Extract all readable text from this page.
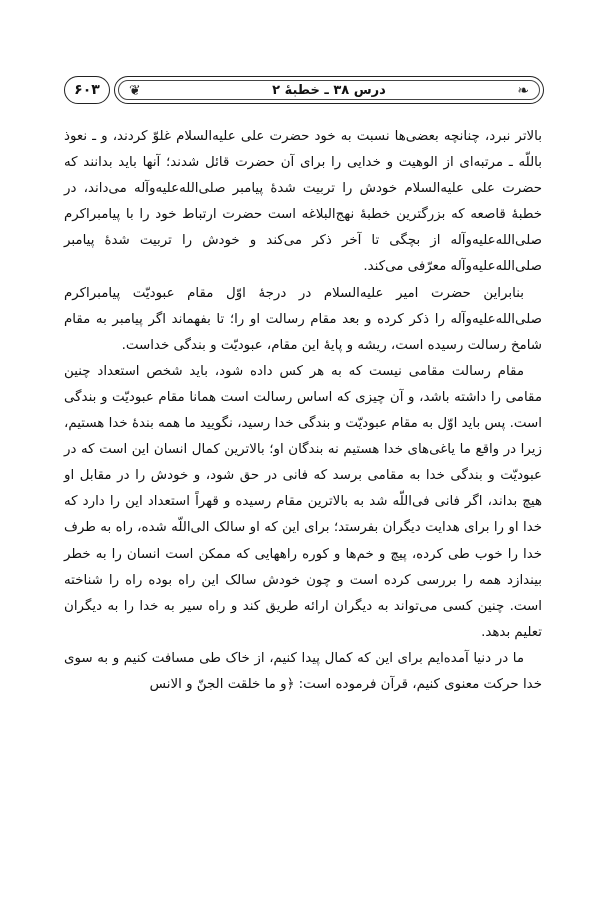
۶۰۳ ❦	درس ۳۸ ـ خطبهٔ ۲	❧

بالاتر نبرد، چنانچه بعضی‌ها نسبت به خود حضرت علی علیه‌السلام غلوّ کردند، و ـ نعوذ باللّه ـ مرتبه‌ای از الوهیت و خدایی را برای آن حضرت قائل شدند؛ آنها باید بدانند که حضرت علی علیه‌السلام خودش را تربیت شدهٔ پیامبر صلی‌الله‌علیه‌وآله می‌داند، در خطبهٔ قاصعه که بزرگترین خطبهٔ نهج‌البلاغه است حضرت ارتباط خود را با پیامبراکرم صلی‌الله‌علیه‌وآله از بچگی تا آخر ذکر می‌کند و خودش را تربیت شدهٔ پیامبر صلی‌الله‌علیه‌وآله معرّفی می‌کند.

بنابراین حضرت امیر علیه‌السلام در درجهٔ اوّل مقام عبودیّت پیامبراکرم صلی‌الله‌علیه‌وآله را ذکر کرده و بعد مقام رسالت او را؛ تا بفهماند اگر پیامبر به مقام شامخ رسالت رسیده است، ریشه و پایهٔ این مقام، عبودیّت و بندگی خداست.

مقام رسالت مقامی نیست که به هر کس داده شود، باید شخص استعداد چنین مقامی را داشته باشد، و آن چیزی که اساس رسالت است همانا مقام عبودیّت و بندگی است. پس باید اوّل به مقام عبودیّت و بندگی خدا رسید، نگویید ما همه بندهٔ خدا هستیم، زیرا در واقع ما یاغی‌های خدا هستیم نه بندگان او؛ بالاترین کمال انسان این است که در عبودیّت و بندگی خدا به مقامی برسد که فانی در حق شود، و خودش را در مقابل او هیچ بداند، اگر فانی فی‌اللّه شد به بالاترین مقام رسیده و قهراً استعداد این را دارد که خدا او را برای هدایت دیگران بفرستد؛ برای این که او سالک الی‌اللّه شده، راه به طرف خدا را خوب طی کرده، پیچ و خم‌ها و کوره راههایی که ممکن است انسان را به خطر بیندازد همه را بررسی کرده است و چون خودش سالک این راه بوده راه را شناخته است. چنین کسی می‌تواند به دیگران ارائه طریق کند و راه سیر به خدا را به دیگران تعلیم بدهد.

ما در دنیا آمده‌ایم برای این که کمال پیدا کنیم، از خاک طی مسافت کنیم و به سوی خدا حرکت معنوی کنیم، قرآن فرموده است: ﴿و ما خلقت الجنّ و الانس
